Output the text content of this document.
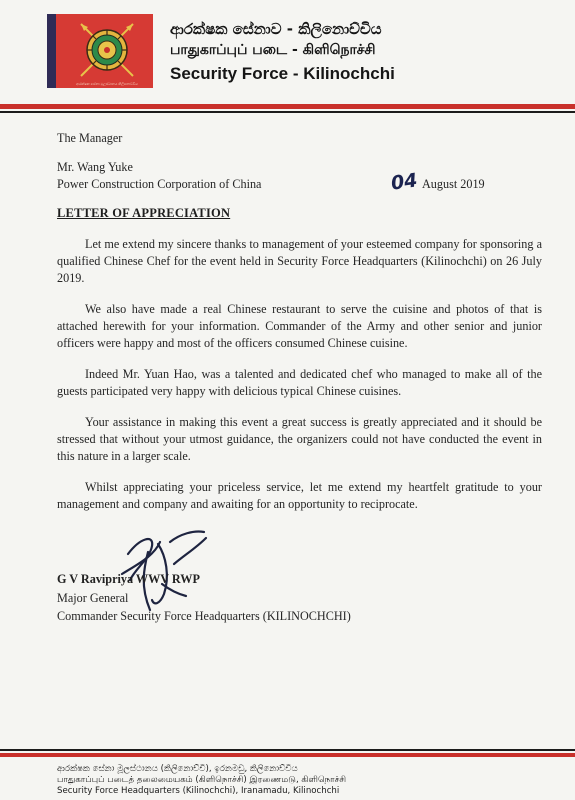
ආරක්ෂක සේනා මූලස්ථානය කිලිනොච්චිය
ආරක්ෂක සේනාව - කිලිනොච්චිය
பாதுகாப்புப் படை - கிளிநொச்சி
Security Force - Kilinochchi
The Manager
Mr. Wang Yuke
Power Construction Corporation of China	04 August 2019
LETTER OF APPRECIATION
Let me extend my sincere thanks to management of your esteemed company for sponsoring a qualified Chinese Chef for the event held in Security Force Headquarters (Kilinochchi) on 26 July 2019.
We also have made a real Chinese restaurant to serve the cuisine and photos of that is attached herewith for your information. Commander of the Army and other senior and junior officers were happy and most of the officers consumed Chinese cuisine.
Indeed Mr. Yuan Hao, was a talented and dedicated chef who managed to make all of the guests participated very happy with delicious typical Chinese cuisines.
Your assistance in making this event a great success is greatly appreciated and it should be stressed that without your utmost guidance, the organizers could not have conducted the event in this nature in a larger scale.
Whilst appreciating your priceless service, let me extend my heartfelt gratitude to your management and company and awaiting for an opportunity to reciprocate.
G V Ravipriya WWV RWP
Major General
Commander Security Force Headquarters (KILINOCHCHI)
ආරක්ෂක සේනා මූලස්ථානය (කිලිනොච්චි), ඉරනමඩු, කිලිනොච්චිය
பாதுகாப்புப் படைத் தலைமையகம் (கிளிநொச்சி) இரணைமடு, கிளிநொச்சி
Security Force Headquarters (Kilinochchi), Iranamadu, Kilinochchi
